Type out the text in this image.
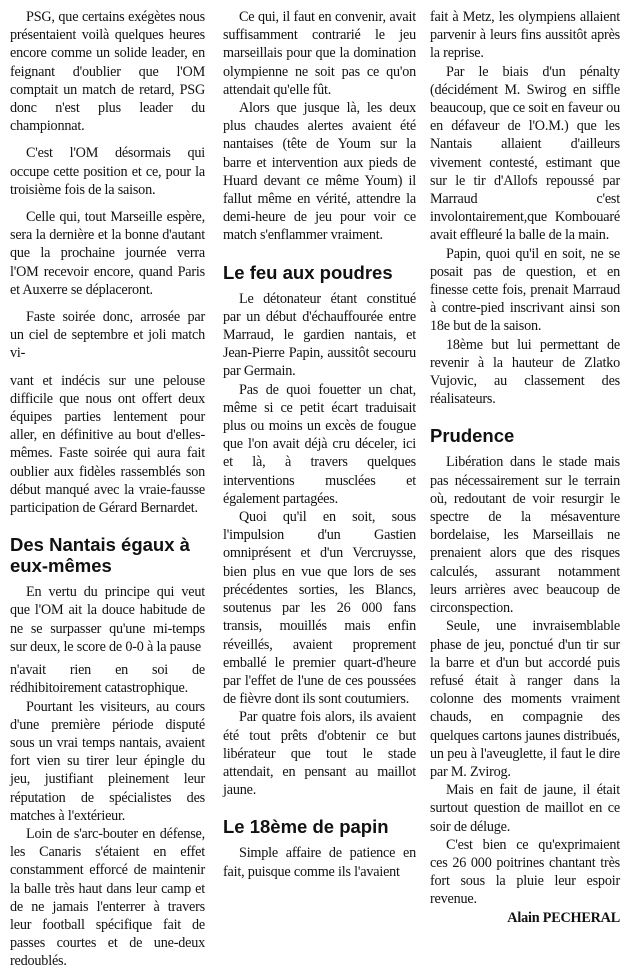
PSG, que certains exégètes nous présentaient voilà quelques heures encore comme un solide leader, en feignant d'oublier que l'OM comptait un match de retard, PSG donc n'est plus leader du championnat.

C'est l'OM désormais qui occupe cette position et ce, pour la troisième fois de la saison.

Celle qui, tout Marseille espère, sera la dernière et la bonne d'autant que la prochaine journée verra l'OM recevoir encore, quand Paris et Auxerre se déplaceront.

Faste soirée donc, arrosée par un ciel de septembre et joli match vi-

vant et indécis sur une pelouse difficile que nous ont offert deux équipes parties lentement pour aller, en définitive au bout d'elles-mêmes. Faste soirée qui aura fait oublier aux fidèles rassemblés son début manqué avec la vraie-fausse participation de Gérard Bernardet.

Des Nantais égaux à eux-mêmes

En vertu du principe qui veut que l'OM ait la douce habitude de ne se surpasser qu'une mi-temps sur deux, le score de 0-0 à la pause

n'avait rien en soi de rédhibitoirement catastrophique.

Pourtant les visiteurs, au cours d'une première période disputé sous un vrai temps nantais, avaient fort vien su tirer leur épingle du jeu, justifiant pleinement leur réputation de spécialistes des matches à l'extérieur.

Loin de s'arc-bouter en défense, les Canaris s'étaient en effet constamment efforcé de maintenir la balle très haut dans leur camp et de ne jamais l'enterrer à travers leur football spécifique fait de passes courtes et de une-deux redoublés.

Ce qui, il faut en convenir, avait suffisamment contrarié le jeu marseillais pour que la domination olympienne ne soit pas ce qu'on attendait qu'elle fût.

Alors que jusque là, les deux plus chaudes alertes avaient été nantaises (tête de Youm sur la barre et intervention aux pieds de Huard devant ce même Youm) il fallut même en vérité, attendre la demi-heure de jeu pour voir ce match s'enflammer vraiment.

Le feu aux poudres

Le détonateur étant constitué par un début d'échauffourée entre Marraud, le gardien nantais, et Jean-Pierre Papin, aussitôt secouru par Germain.

Pas de quoi fouetter un chat, même si ce petit écart traduisait plus ou moins un excès de fougue que l'on avait déjà cru déceler, ici et là, à travers quelques interventions musclées et également partagées.

Quoi qu'il en soit, sous l'impulsion d'un Gastien omniprésent et d'un Vercruysse, bien plus en vue que lors de ses précédentes sorties, les Blancs, soutenus par les 26 000 fans transis, mouillés mais enfin réveillés, avaient proprement emballé le premier quart-d'heure par l'effet de l'une de ces poussées de fièvre dont ils sont coutumiers.

Par quatre fois alors, ils avaient été tout prêts d'obtenir ce but libérateur que tout le stade attendait, en pensant au maillot jaune.

Le 18ème de papin

Simple affaire de patience en fait, puisque comme ils l'avaient

fait à Metz, les olympiens allaient parvenir à leurs fins aussitôt après la reprise.

Par le biais d'un pénalty (décidément M. Swirog en siffle beaucoup, que ce soit en faveur ou en défaveur de l'O.M.) que les Nantais allaient d'ailleurs vivement contesté, estimant que sur le tir d'Allofs repoussé par Marraud c'est involontairement,que Kombouaré avait effleuré la balle de la main.

Papin, quoi qu'il en soit, ne se posait pas de question, et en finesse cette fois, prenait Marraud à contre-pied inscrivant ainsi son 18e but de la saison.

18ème but lui permettant de revenir à la hauteur de Zlatko Vujovic, au classement des réalisateurs.

Prudence

Libération dans le stade mais pas nécessairement sur le terrain où, redoutant de voir resurgir le spectre de la mésaventure bordelaise, les Marseillais ne prenaient alors que des risques calculés, assurant notamment leurs arrières avec beaucoup de circonspection.

Seule, une invraisemblable phase de jeu, ponctué d'un tir sur la barre et d'un but accordé puis refusé était à ranger dans la colonne des moments vraiment chauds, en compagnie des quelques cartons jaunes distribués, un peu à l'aveuglette, il faut le dire par M. Zvirog.

Mais en fait de jaune, il était surtout question de maillot en ce soir de déluge.

C'est bien ce qu'exprimaient ces 26 000 poitrines chantant très fort sous la pluie leur espoir revenue.

Alain PECHERAL
